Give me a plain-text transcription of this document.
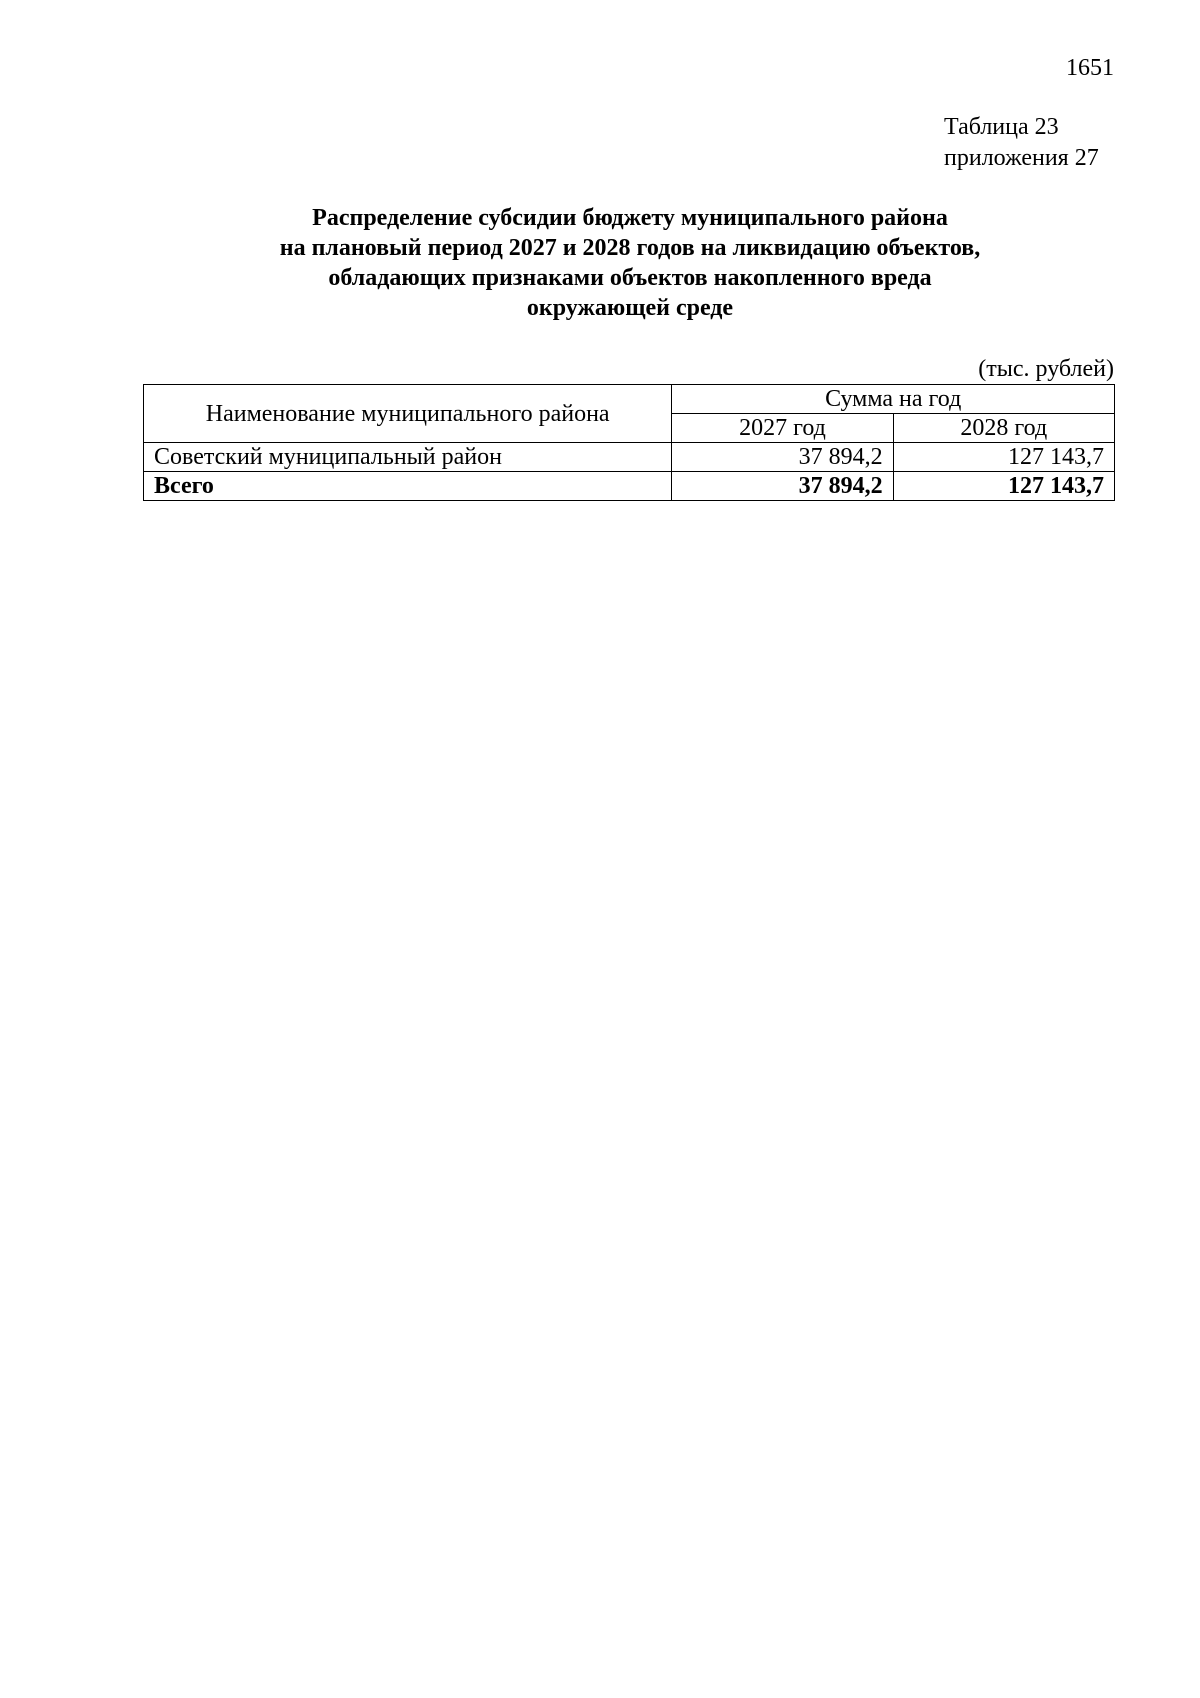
1651
Таблица 23
приложения 27
Распределение субсидии бюджету муниципального района
на плановый период 2027 и 2028 годов на ликвидацию объектов,
обладающих признаками объектов накопленного вреда
окружающей среде
(тыс. рублей)
Наименование муниципального района	Сумма на год	
	2027 год	2028 год
Советский муниципальный район	37 894,2	127 143,7
Всего	37 894,2	127 143,7
